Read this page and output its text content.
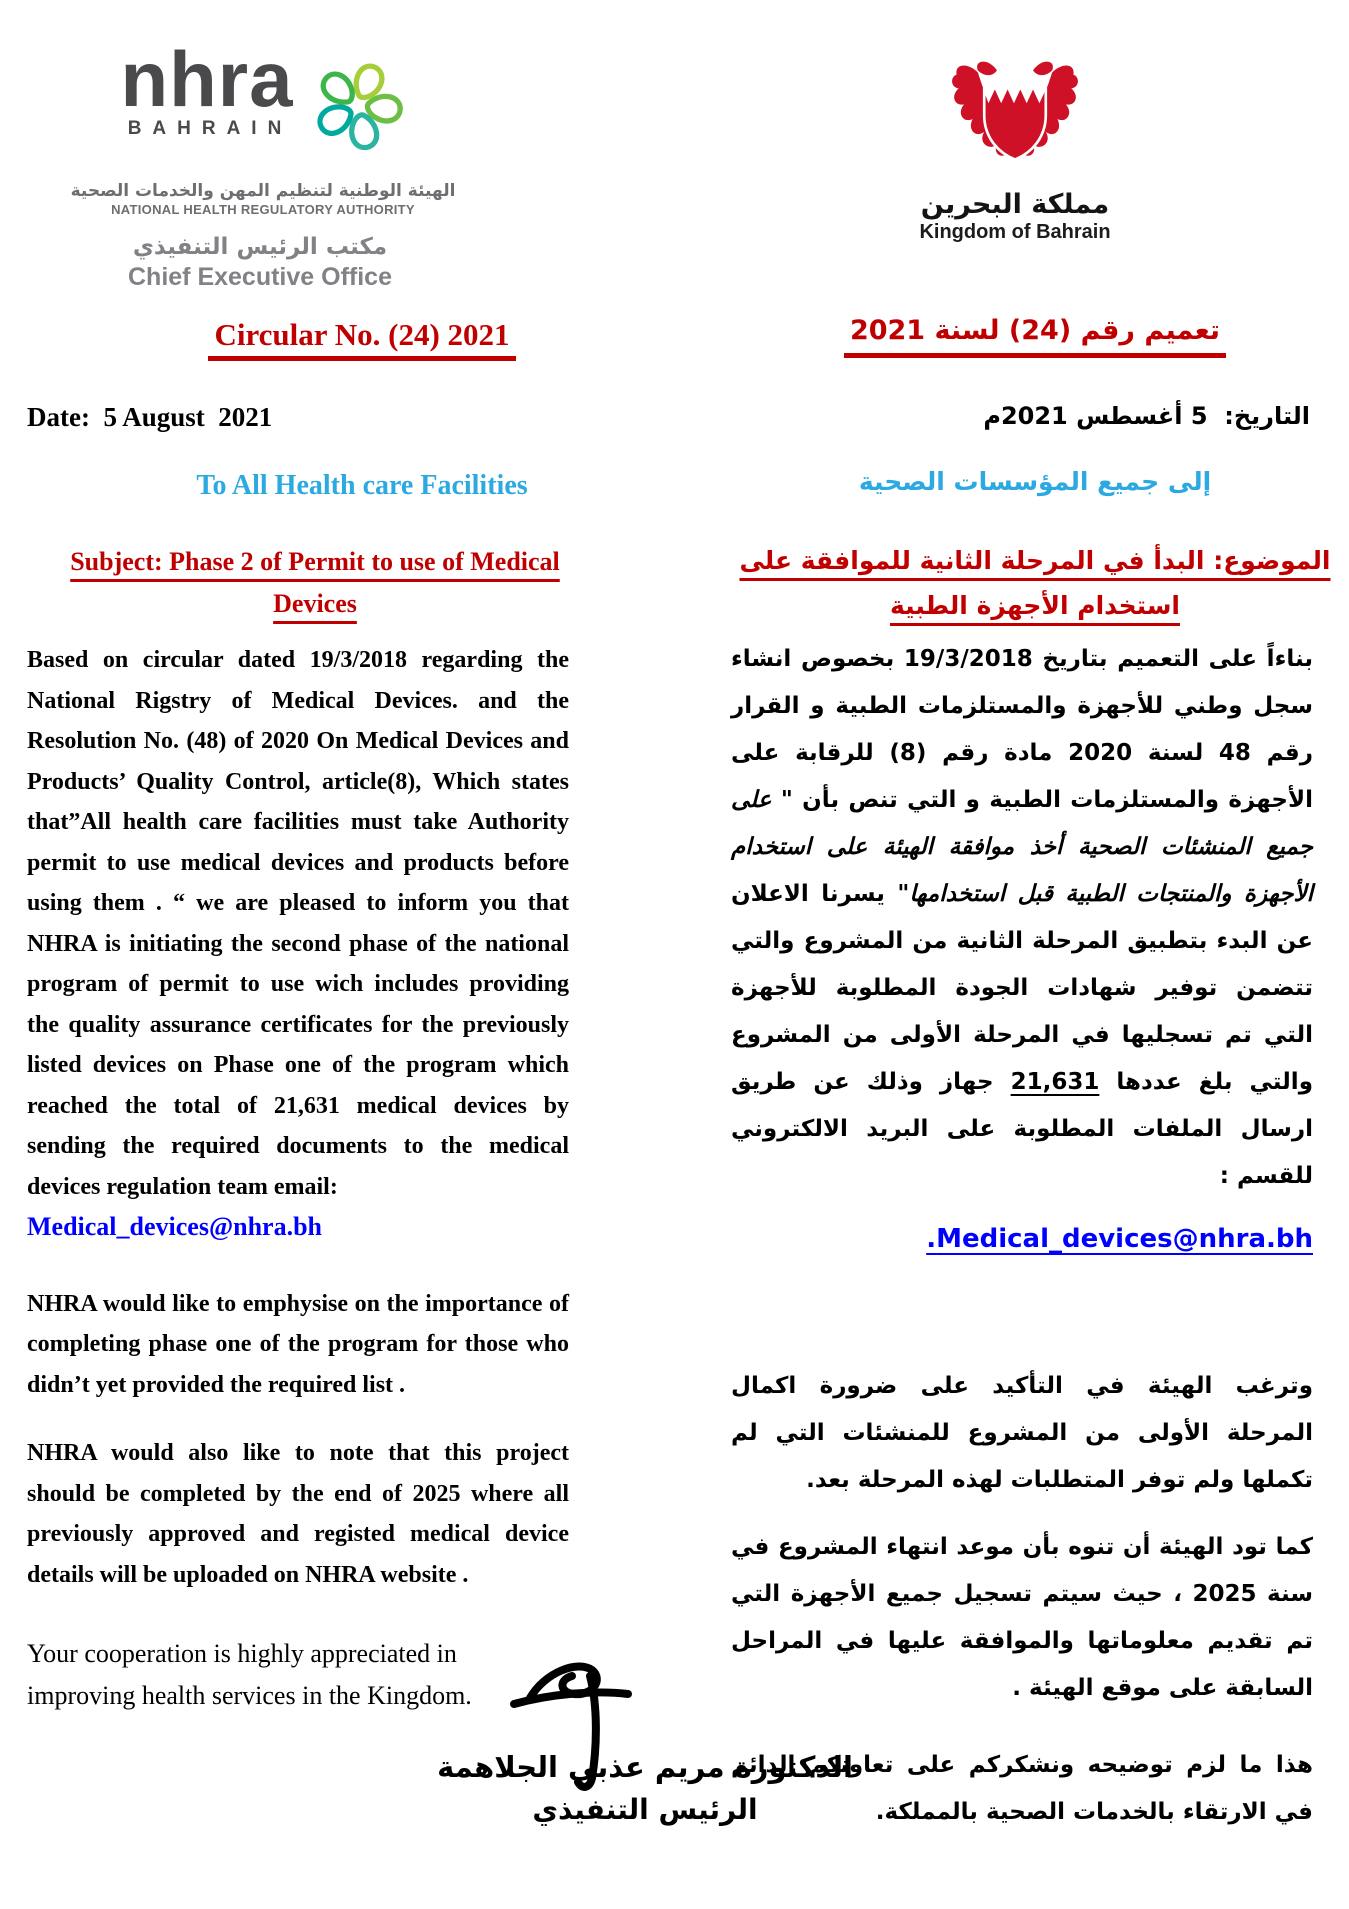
nhra
BAHRAIN
الهيئة الوطنية لتنظيم المهن والخدمات الصحية
NATIONAL HEALTH REGULATORY AUTHORITY
مكتب الرئيس التنفيذي
Chief Executive Office
مملكة البحرين
Kingdom of Bahrain
Circular No. (24) 2021	تعميم رقم (24) لسنة 2021
Date:  5 August  2021	التاريخ:  5 أغسطس 2021م
To All Health care Facilities	إلى جميع المؤسسات الصحية
Subject: Phase 2 of Permit to use of Medical Devices
الموضوع: البدأ في المرحلة الثانية للموافقة على استخدام الأجهزة الطبية
Based on circular dated 19/3/2018 regarding the National Rigstry of Medical Devices. and the Resolution No. (48) of 2020 On Medical Devices and Products’ Quality Control, article(8), Which states that”All health care facilities must take Authority permit to use medical devices and products before using them . “ we are pleased to inform you that NHRA is initiating the second phase of the national program of permit to use wich includes providing the quality assurance certificates for the previously listed devices on Phase one of the program which reached the total of 21,631 medical devices by sending the required documents to the medical devices regulation team email:
Medical_devices@nhra.bh
NHRA would like to emphysise on the importance of completing phase one of the program for those who didn’t yet provided the required list .
NHRA would also like to note that this project should be completed by the end of 2025 where all previously approved and registed medical device details will be uploaded on NHRA website .
Your cooperation is highly appreciated in improving health services in the Kingdom.
بناءاً على التعميم بتاريخ 19/3/2018 بخصوص انشاء سجل وطني للأجهزة والمستلزمات الطبية و القرار رقم 48 لسنة 2020 مادة رقم (8) للرقابة على الأجهزة والمستلزمات الطبية و التي تنص بأن " على جميع المنشئات الصحية أخذ موافقة الهيئة على استخدام الأجهزة والمنتجات الطبية قبل استخدامها" يسرنا الاعلان عن البدء بتطبيق المرحلة الثانية من المشروع والتي تتضمن توفير شهادات الجودة المطلوبة للأجهزة التي تم تسجليها في المرحلة الأولى من المشروع والتي بلغ عددها 21,631 جهاز وذلك عن طريق ارسال الملفات المطلوبة على البريد الالكتروني للقسم :
Medical_devices@nhra.bh.
وترغب الهيئة في التأكيد على ضرورة اكمال المرحلة الأولى من المشروع للمنشئات التي لم تكملها ولم توفر المتطلبات لهذه المرحلة بعد.
كما تود الهيئة أن تنوه بأن موعد انتهاء المشروع في سنة 2025 ، حيث سيتم تسجيل جميع الأجهزة التي تم تقديم معلوماتها والموافقة عليها في المراحل السابقة على موقع الهيئة .
هذا ما لزم توضيحه ونشكركم على تعاونكم الدائم في الارتقاء بالخدمات الصحية بالمملكة.
الدكتورة مريم عذبي الجلاهمة
الرئيس التنفيذي
